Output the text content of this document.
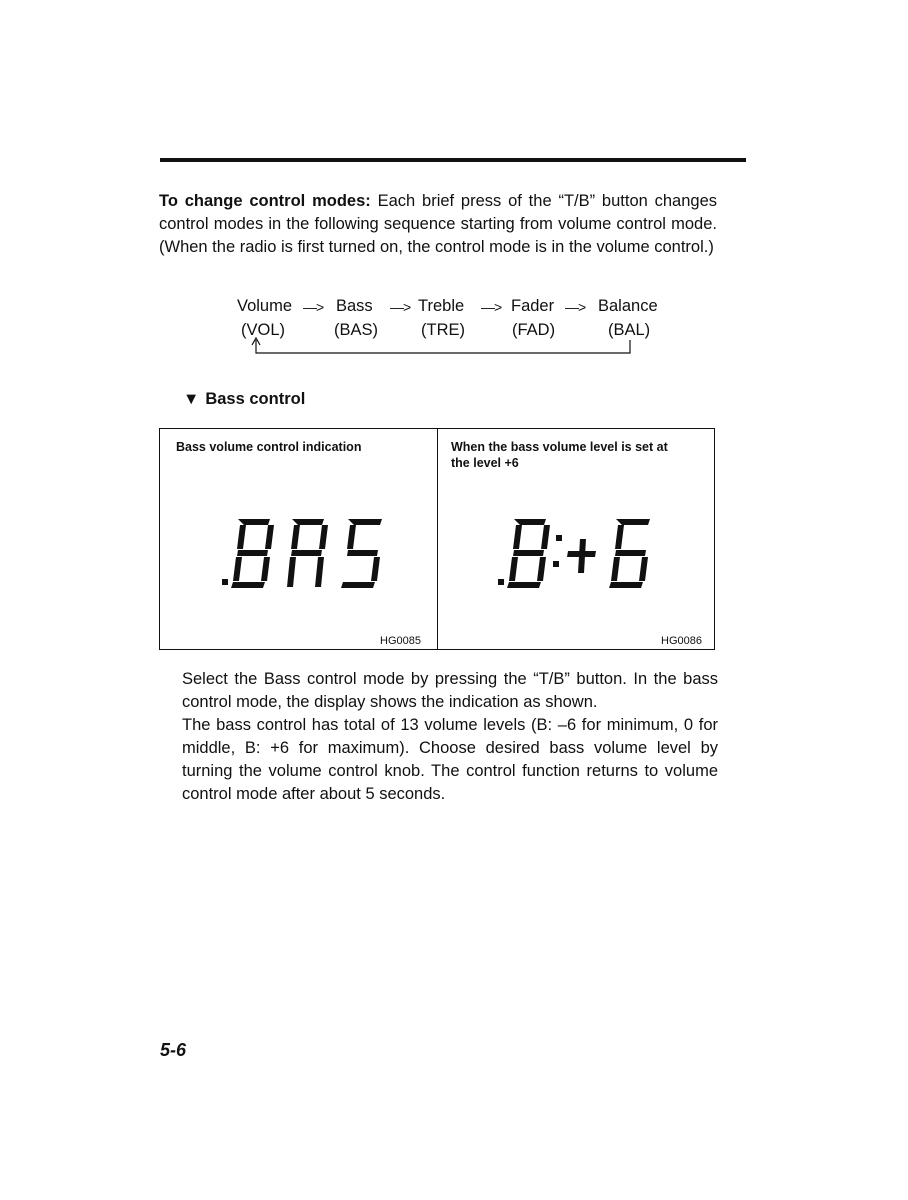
To change control modes: Each brief press of the “T/B” button changes control modes in the following sequence starting from volume control mode. (When the radio is first turned on, the control mode is in the volume control.)

Volume —> Bass —> Treble —> Fader —> Balance
(VOL)	(BAS)	(TRE)	(FAD)	(BAL)
▼ Bass control
Bass volume control indication
HG0085
When the bass volume level is set at
the level +6
HG0086

Select the Bass control mode by pressing the “T/B” button. In the bass control mode, the display shows the indication as shown.

The bass control has total of 13 volume levels (B: –6 for minimum, 0 for middle, B: +6 for maximum). Choose desired bass volume level by turning the volume control knob. The control function returns to volume control mode after about 5 seconds.

5-6
